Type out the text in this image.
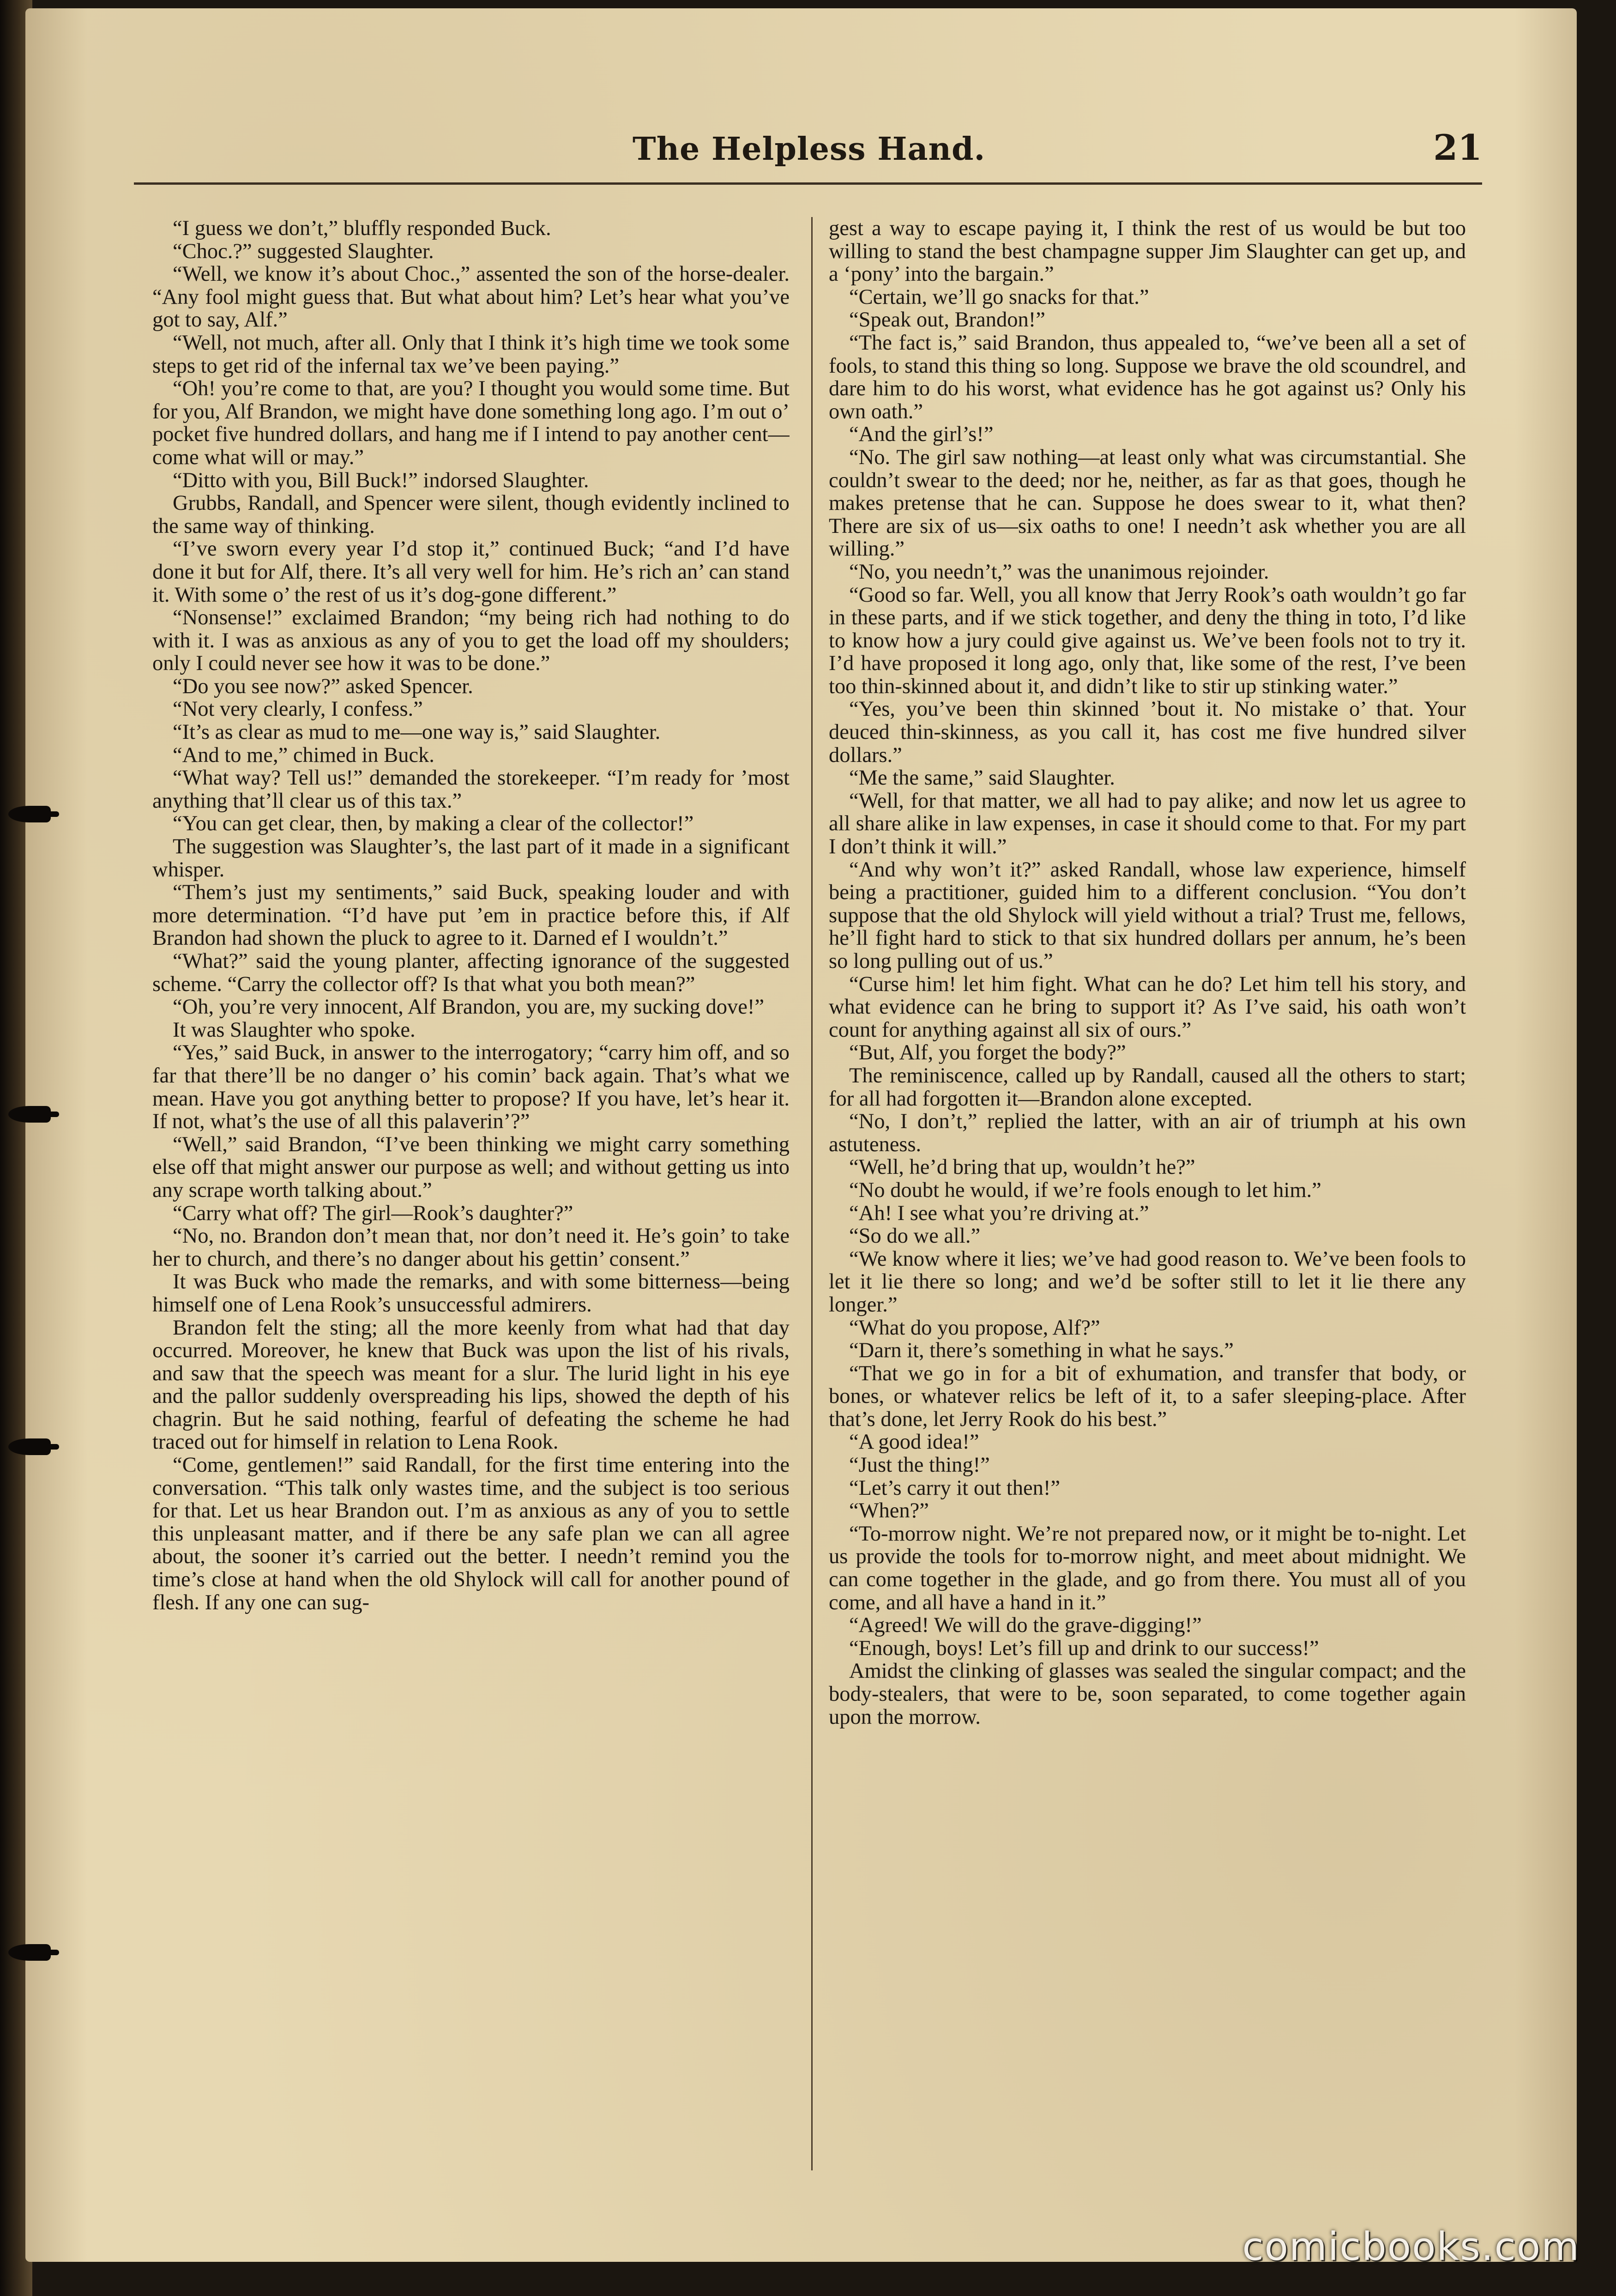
The Helpless Hand.	21

“I guess we don’t,” bluffly responded Buck.

“Choc.?” suggested Slaughter.

“Well, we know it’s about Choc.,” assented the son of the horse-dealer. “Any fool might guess that. But what about him? Let’s hear what you’ve got to say, Alf.”

“Well, not much, after all. Only that I think it’s high time we took some steps to get rid of the infernal tax we’ve been paying.”

“Oh! you’re come to that, are you? I thought you would some time. But for you, Alf Brandon, we might have done something long ago. I’m out o’ pocket five hundred dollars, and hang me if I intend to pay another cent—come what will or may.”

“Ditto with you, Bill Buck!” indorsed Slaughter.

Grubbs, Randall, and Spencer were silent, though evidently inclined to the same way of thinking.

“I’ve sworn every year I’d stop it,” continued Buck; “and I’d have done it but for Alf, there. It’s all very well for him. He’s rich an’ can stand it. With some o’ the rest of us it’s dog-gone different.”

“Nonsense!” exclaimed Brandon; “my being rich had nothing to do with it. I was as anxious as any of you to get the load off my shoulders; only I could never see how it was to be done.”

“Do you see now?” asked Spencer.

“Not very clearly, I confess.”

“It’s as clear as mud to me—one way is,” said Slaughter.

“And to me,” chimed in Buck.

“What way? Tell us!” demanded the storekeeper. “I’m ready for ’most anything that’ll clear us of this tax.”

“You can get clear, then, by making a clear of the collector!”

The suggestion was Slaughter’s, the last part of it made in a significant whisper.

“Them’s just my sentiments,” said Buck, speaking louder and with more determination. “I’d have put ’em in practice before this, if Alf Brandon had shown the pluck to agree to it. Darned ef I wouldn’t.”

“What?” said the young planter, affecting ignorance of the suggested scheme. “Carry the collector off? Is that what you both mean?”

“Oh, you’re very innocent, Alf Brandon, you are, my sucking dove!”

It was Slaughter who spoke.

“Yes,” said Buck, in answer to the interrogatory; “carry him off, and so far that there’ll be no danger o’ his comin’ back again. That’s what we mean. Have you got anything better to propose? If you have, let’s hear it. If not, what’s the use of all this palaverin’?”

“Well,” said Brandon, “I’ve been thinking we might carry something else off that might answer our purpose as well; and without getting us into any scrape worth talking about.”

“Carry what off? The girl—Rook’s daughter?”

“No, no. Brandon don’t mean that, nor don’t need it. He’s goin’ to take her to church, and there’s no danger about his gettin’ consent.”

It was Buck who made the remarks, and with some bitterness—being himself one of Lena Rook’s unsuccessful admirers.

Brandon felt the sting; all the more keenly from what had that day occurred. Moreover, he knew that Buck was upon the list of his rivals, and saw that the speech was meant for a slur. The lurid light in his eye and the pallor suddenly overspreading his lips, showed the depth of his chagrin. But he said nothing, fearful of defeating the scheme he had traced out for himself in relation to Lena Rook.

“Come, gentlemen!” said Randall, for the first time entering into the conversation. “This talk only wastes time, and the subject is too serious for that. Let us hear Brandon out. I’m as anxious as any of you to settle this unpleasant matter, and if there be any safe plan we can all agree about, the sooner it’s carried out the better. I needn’t remind you the time’s close at hand when the old Shylock will call for another pound of flesh. If any one can sug-

gest a way to escape paying it, I think the rest of us would be but too willing to stand the best champagne supper Jim Slaughter can get up, and a ‘pony’ into the bargain.”

“Certain, we’ll go snacks for that.”

“Speak out, Brandon!”

“The fact is,” said Brandon, thus appealed to, “we’ve been all a set of fools, to stand this thing so long. Suppose we brave the old scoundrel, and dare him to do his worst, what evidence has he got against us? Only his own oath.”

“And the girl’s!”

“No. The girl saw nothing—at least only what was circumstantial. She couldn’t swear to the deed; nor he, neither, as far as that goes, though he makes pretense that he can. Suppose he does swear to it, what then? There are six of us—six oaths to one! I needn’t ask whether you are all willing.”

“No, you needn’t,” was the unanimous rejoinder.

“Good so far. Well, you all know that Jerry Rook’s oath wouldn’t go far in these parts, and if we stick together, and deny the thing in toto, I’d like to know how a jury could give against us. We’ve been fools not to try it. I’d have proposed it long ago, only that, like some of the rest, I’ve been too thin-skinned about it, and didn’t like to stir up stinking water.”

“Yes, you’ve been thin skinned ’bout it. No mistake o’ that. Your deuced thin-skinness, as you call it, has cost me five hundred silver dollars.”

“Me the same,” said Slaughter.

“Well, for that matter, we all had to pay alike; and now let us agree to all share alike in law expenses, in case it should come to that. For my part I don’t think it will.”

“And why won’t it?” asked Randall, whose law experience, himself being a practitioner, guided him to a different conclusion. “You don’t suppose that the old Shylock will yield without a trial? Trust me, fellows, he’ll fight hard to stick to that six hundred dollars per annum, he’s been so long pulling out of us.”

“Curse him! let him fight. What can he do? Let him tell his story, and what evidence can he bring to support it? As I’ve said, his oath won’t count for anything against all six of ours.”

“But, Alf, you forget the body?”

The reminiscence, called up by Randall, caused all the others to start; for all had forgotten it—Brandon alone excepted.

“No, I don’t,” replied the latter, with an air of triumph at his own astuteness.

“Well, he’d bring that up, wouldn’t he?”

“No doubt he would, if we’re fools enough to let him.”

“Ah! I see what you’re driving at.”

“So do we all.”

“We know where it lies; we’ve had good reason to. We’ve been fools to let it lie there so long; and we’d be softer still to let it lie there any longer.”

“What do you propose, Alf?”

“Darn it, there’s something in what he says.”

“That we go in for a bit of exhumation, and transfer that body, or bones, or whatever relics be left of it, to a safer sleeping-place. After that’s done, let Jerry Rook do his best.”

“A good idea!”

“Just the thing!”

“Let’s carry it out then!”

“When?”

“To-morrow night. We’re not prepared now, or it might be to-night. Let us provide the tools for to-morrow night, and meet about midnight. We can come together in the glade, and go from there. You must all of you come, and all have a hand in it.”

“Agreed! We will do the grave-digging!”

“Enough, boys! Let’s fill up and drink to our success!”

Amidst the clinking of glasses was sealed the singular compact; and the body-stealers, that were to be, soon separated, to come together again upon the morrow.

comicbooks.com
